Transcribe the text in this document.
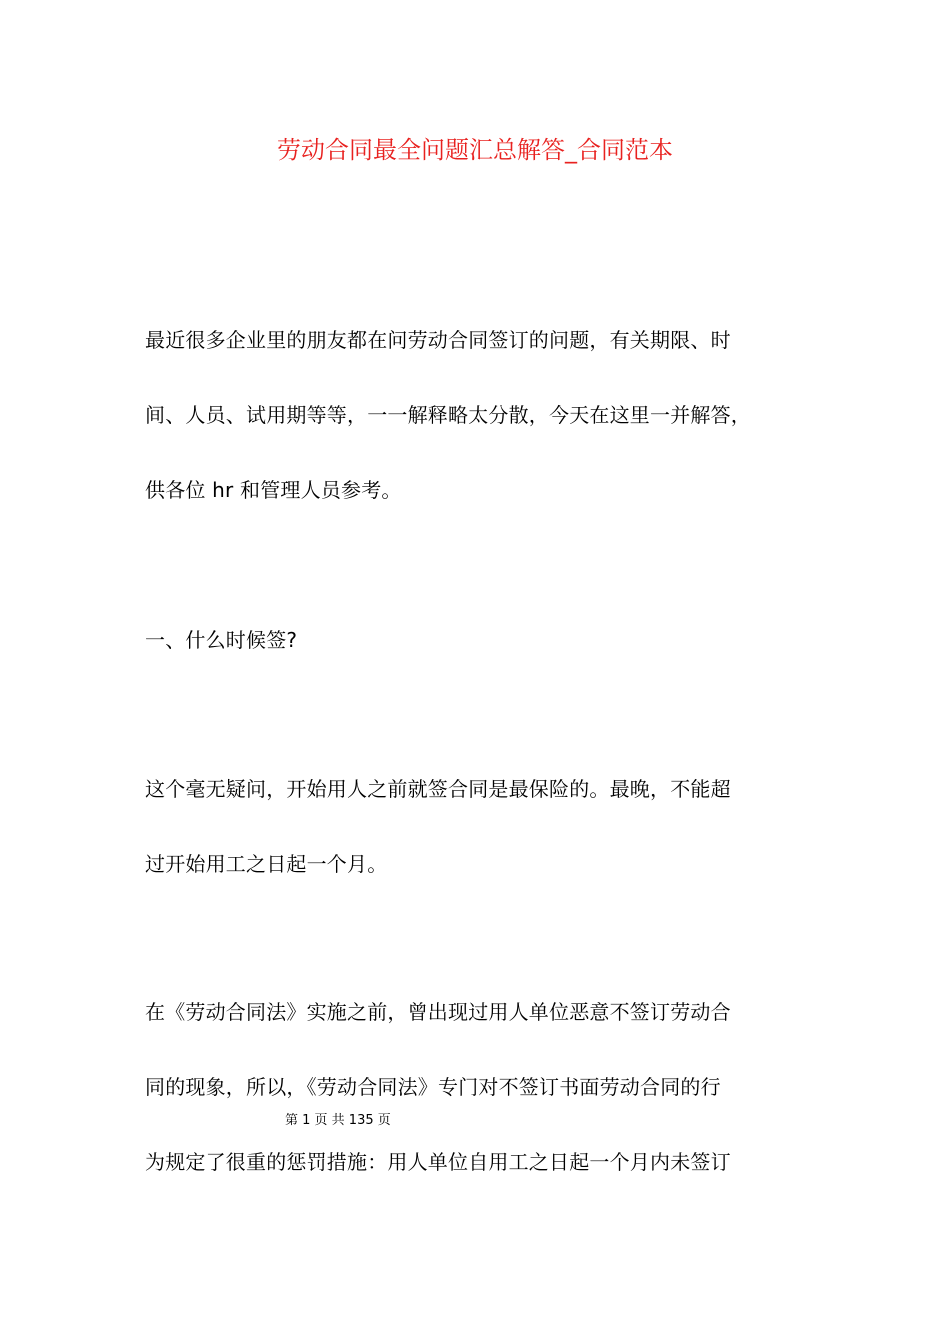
劳动合同最全问题汇总解答_合同范本
最近很多企业里的朋友都在问劳动合同签订的问题，有关期限、时
间、人员、试用期等等，一一解释略太分散，今天在这里一并解答，
供各位 hr 和管理人员参考。
一、什么时候签?
这个毫无疑问，开始用人之前就签合同是最保险的。最晚，不能超
过开始用工之日起一个月。
在《劳动合同法》实施之前，曾出现过用人单位恶意不签订劳动合
同的现象，所以，《劳动合同法》专门对不签订书面劳动合同的行
第 1 页 共 135 页
为规定了很重的惩罚措施：用人单位自用工之日起一个月内未签订
